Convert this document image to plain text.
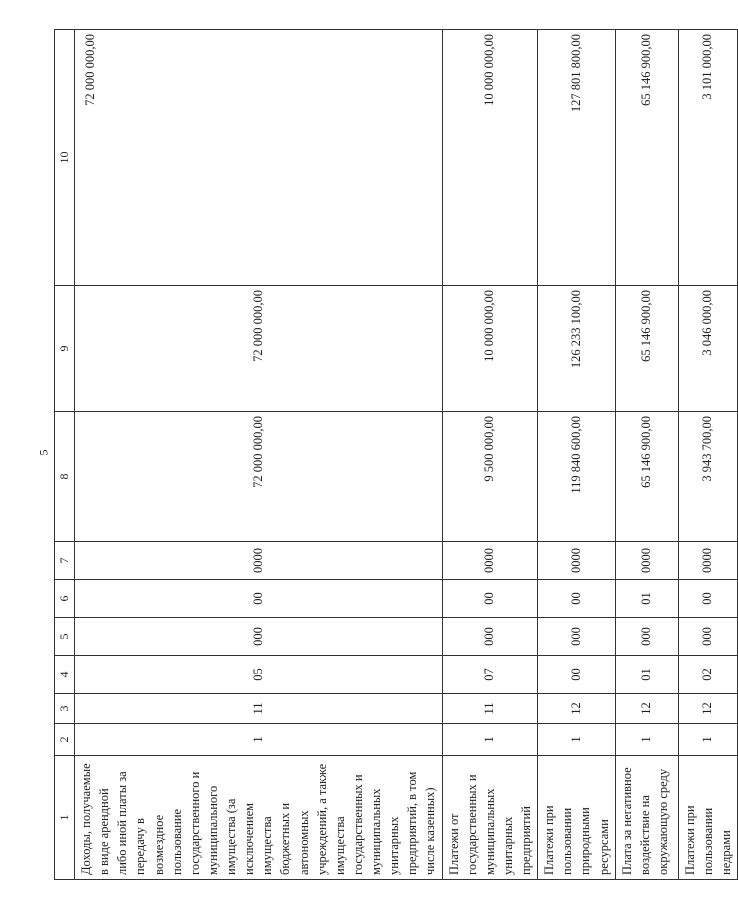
5
1	2	3	4	5	6	7	8	9	10
Доходы, получаемые в виде арендной либо иной платы за передачу в возмездное пользование государственного и муниципального имущества (за исключением имущества бюджетных и автономных учреждений, а также имущества государственных и муниципальных унитарных предприятий, в том числе казенных)	1	11	05	000	00	0000	72 000 000,00	72 000 000,00	72 000 000,00
Платежи от государственных и муниципальных унитарных предприятий	1	11	07	000	00	0000	9 500 000,00	10 000 000,00	10 000 000,00
Платежи при пользовании природными ресурсами	1	12	00	000	00	0000	119 840 600,00	126 233 100,00	127 801 800,00
Плата за негативное воздействие на окружающую среду	1	12	01	000	01	0000	65 146 900,00	65 146 900,00	65 146 900,00
Платежи при пользовании недрами	1	12	02	000	00	0000	3 943 700,00	3 046 000,00	3 101 000,00
